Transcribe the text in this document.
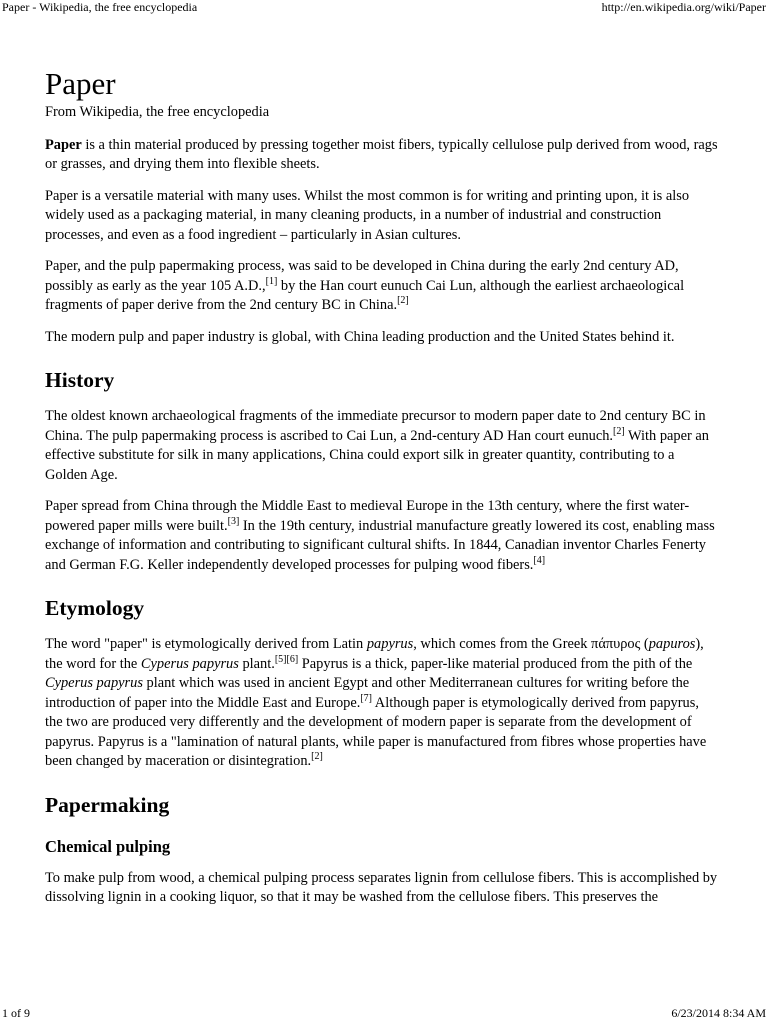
Paper - Wikipedia, the free encyclopedia	http://en.wikipedia.org/wiki/Paper
Paper
From Wikipedia, the free encyclopedia

Paper is a thin material produced by pressing together moist fibers, typically cellulose pulp derived from wood, rags or grasses, and drying them into flexible sheets.

Paper is a versatile material with many uses. Whilst the most common is for writing and printing upon, it is also widely used as a packaging material, in many cleaning products, in a number of industrial and construction processes, and even as a food ingredient – particularly in Asian cultures.

Paper, and the pulp papermaking process, was said to be developed in China during the early 2nd century AD, possibly as early as the year 105 A.D.,[1] by the Han court eunuch Cai Lun, although the earliest archaeological fragments of paper derive from the 2nd century BC in China.[2]

The modern pulp and paper industry is global, with China leading production and the United States behind it.

History

The oldest known archaeological fragments of the immediate precursor to modern paper date to 2nd century BC in China. The pulp papermaking process is ascribed to Cai Lun, a 2nd-century AD Han court eunuch.[2] With paper an effective substitute for silk in many applications, China could export silk in greater quantity, contributing to a Golden Age.

Paper spread from China through the Middle East to medieval Europe in the 13th century, where the first water-powered paper mills were built.[3] In the 19th century, industrial manufacture greatly lowered its cost, enabling mass exchange of information and contributing to significant cultural shifts. In 1844, Canadian inventor Charles Fenerty and German F.G. Keller independently developed processes for pulping wood fibers.[4]

Etymology

The word "paper" is etymologically derived from Latin papyrus, which comes from the Greek πάπυρος (papuros), the word for the Cyperus papyrus plant.[5][6] Papyrus is a thick, paper-like material produced from the pith of the Cyperus papyrus plant which was used in ancient Egypt and other Mediterranean cultures for writing before the introduction of paper into the Middle East and Europe.[7] Although paper is etymologically derived from papyrus, the two are produced very differently and the development of modern paper is separate from the development of papyrus. Papyrus is a "lamination of natural plants, while paper is manufactured from fibres whose properties have been changed by maceration or disintegration.[2]

Papermaking
Chemical pulping

To make pulp from wood, a chemical pulping process separates lignin from cellulose fibers. This is accomplished by dissolving lignin in a cooking liquor, so that it may be washed from the cellulose fibers. This preserves the

1 of 9	6/23/2014 8:34 AM
